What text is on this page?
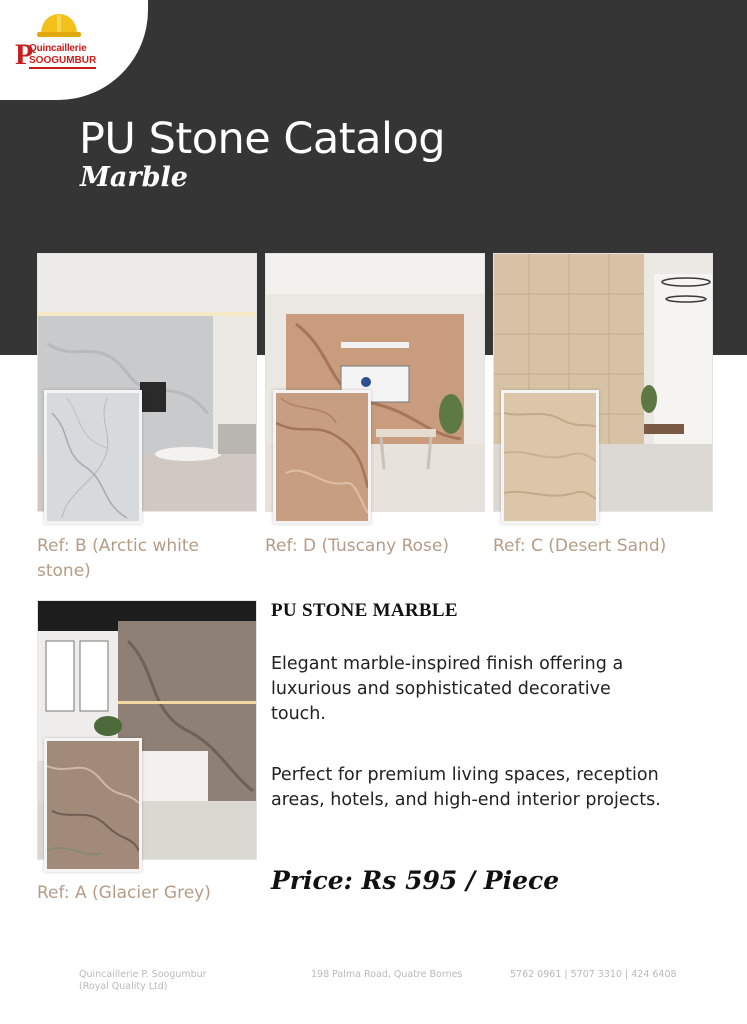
P
Quincaillerie
SOOGUMBUR
PU Stone Catalog
Marble
Ref: B (Arctic white
stone)
Ref: D (Tuscany Rose)	Ref: C (Desert Sand)
Ref: A (Glacier Grey)
PU STONE MARBLE
Elegant marble-inspired finish offering a luxurious and sophisticated decorative touch.
Perfect for premium living spaces, reception areas, hotels, and high-end interior projects.
Price: Rs 595 / Piece
Quincaillerie P. Soogumbur
(Royal Quality Ltd)
198 Palma Road, Quatre Bornes	5762 0961 | 5707 3310 | 424 6408
